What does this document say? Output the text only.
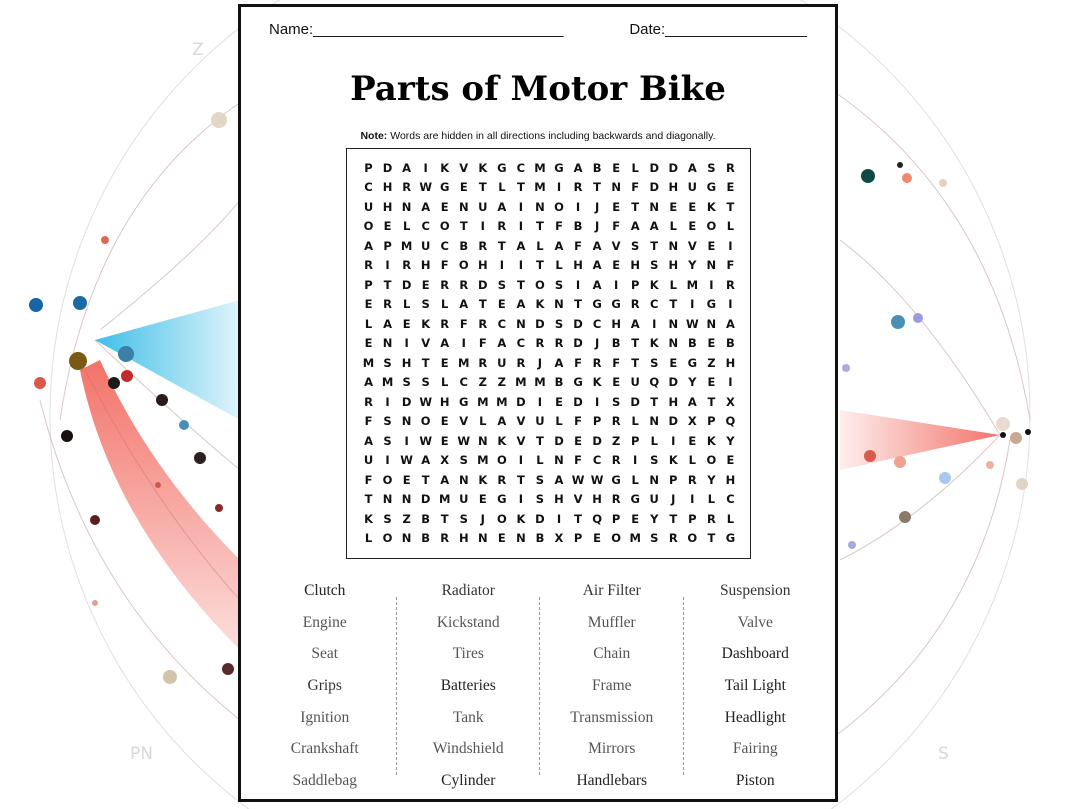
Z
PN	S
Name:______________________________	Date:_________________
Parts of Motor Bike
Note: Words are hidden in all directions including backwards and diagonally.
P D A	I	K V K G C M G A B E L D D A S R
C H R W G E T L T M I	R T N F D H U G E
U H N A E N U A	I	N O	I	J	E T N E E K T
O E L C O T	I	R	I	T F B	J	F A A L E O L
A P M U C B R T A L A F A V S T N V E	I
R	I	R H F O H	I	I	T L H A E H S H Y N F
P T D E R R D S T O S	I	A	I	P K L M I	R
E R L S L A T E A K N T G G R C T	I	G	I
L A E K R F R C N D S D C H A	I	N W N A
E N	I	V A	I	F A C R R D	J	B T K N B E B
M S H T E M R U R	J	A F R F T S E G Z H
A M S S L C Z Z M M B G K E U Q D Y E	I
R	I	D W H G M M D	I	E D	I	S D T H A T X
F S N O E V L A V U L F P R L N D X P Q
A S	I W E W N K V T D E D Z P L	I	E K Y
U	I W A X S M O	I	L N F C R	I	S K L O E
F O E T A N K R T S A W W G L N P R Y H
T N N D M U E G	I	S H V H R G U	J	I	L C
K S Z B T S	J	O K D	I	T Q P E Y T P R L
L O N B R H N E N B X P E O M S R O T G
Clutch
Engine
Seat
Grips
Ignition
Crankshaft
Saddlebag
Radiator
Kickstand
Tires
Batteries
Tank
Windshield
Cylinder
Air Filter
Muffler
Chain
Frame
Transmission
Mirrors
Handlebars
Suspension
Valve
Dashboard
Tail Light
Headlight
Fairing
Piston
